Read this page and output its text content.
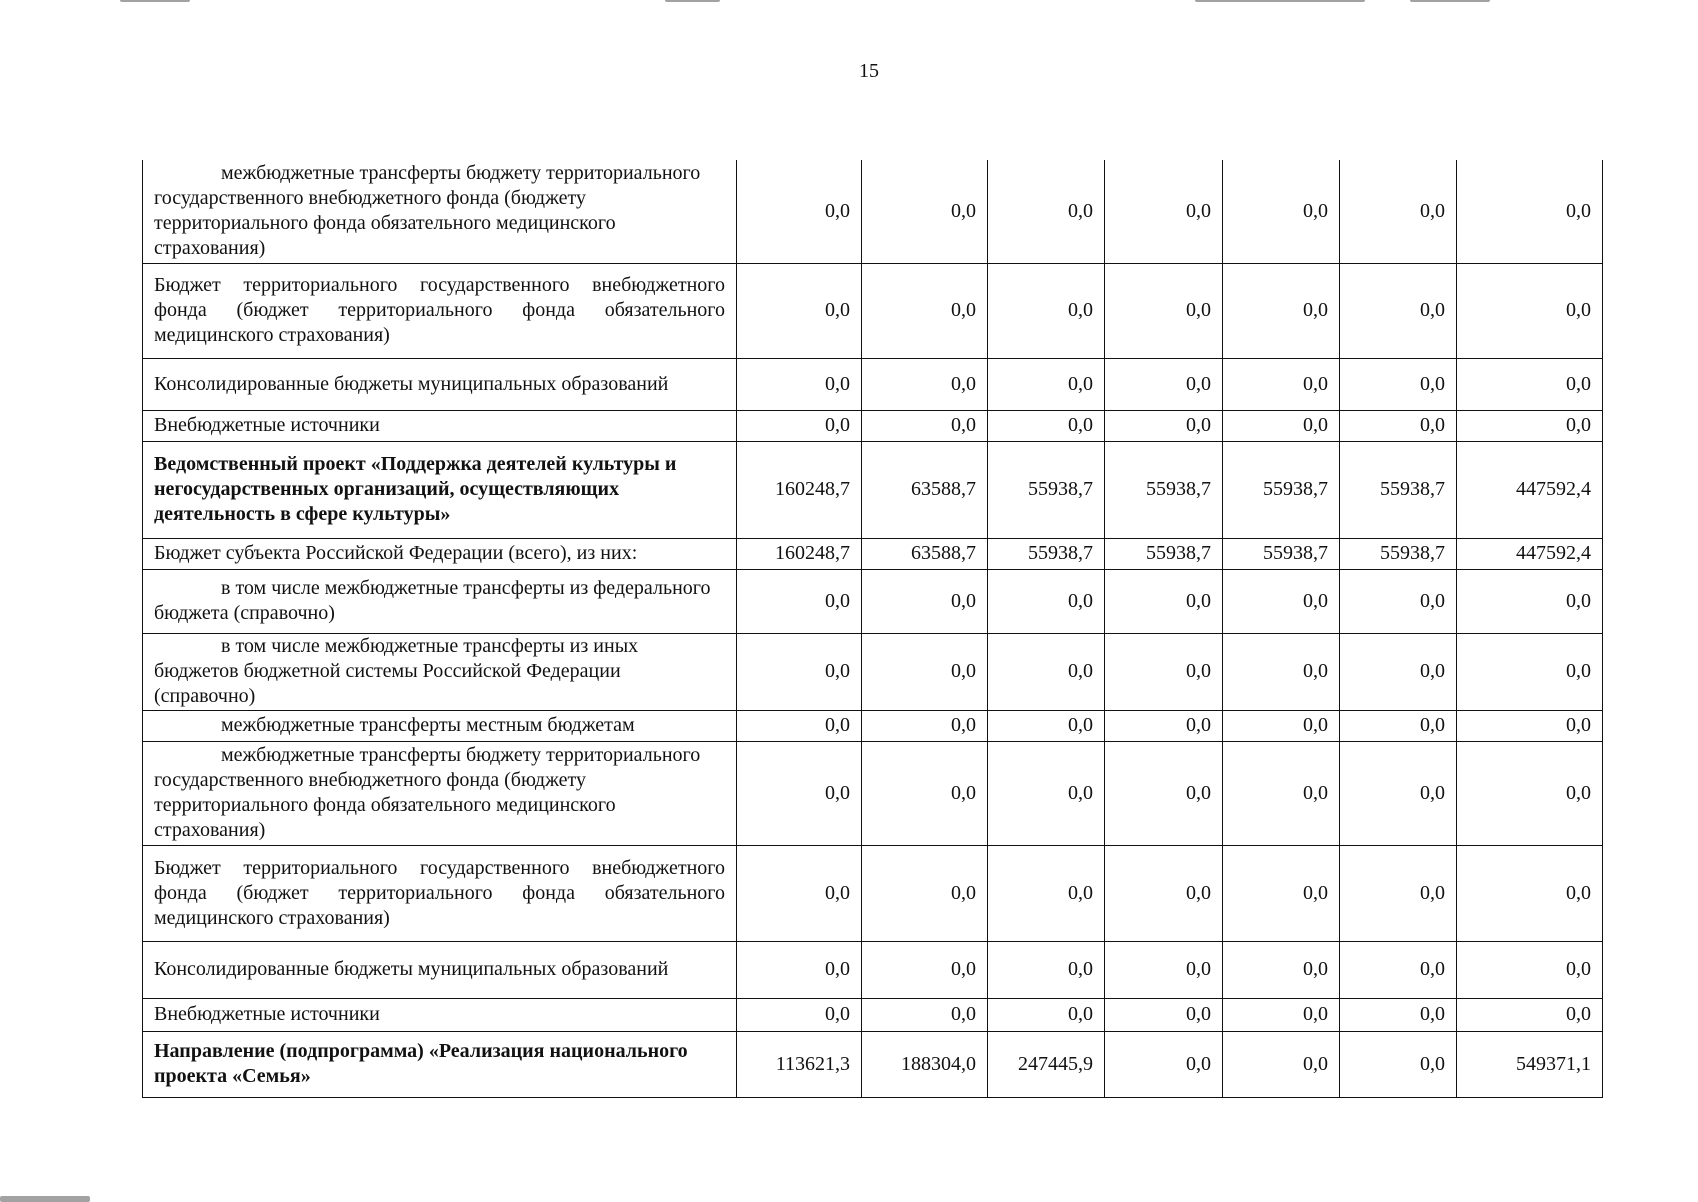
15
межбюджетные трансферты бюджету территориального государственного внебюджетного фонда (бюджету территориального фонда обязательного медицинского страхования)	0,0	0,0	0,0	0,0	0,0	0,0	0,0
Бюджет территориального государственного внебюджетного фонда (бюджет территориального фонда обязательного медицинского страхования)	0,0	0,0	0,0	0,0	0,0	0,0	0,0
Консолидированные бюджеты муниципальных образований	0,0	0,0	0,0	0,0	0,0	0,0	0,0
Внебюджетные источники	0,0	0,0	0,0	0,0	0,0	0,0	0,0
Ведомственный проект «Поддержка деятелей культуры и негосударственных организаций, осуществляющих деятельность в сфере культуры»	160248,7	63588,7	55938,7	55938,7	55938,7	55938,7	447592,4
Бюджет субъекта Российской Федерации (всего), из них:	160248,7	63588,7	55938,7	55938,7	55938,7	55938,7	447592,4
в том числе межбюджетные трансферты из федерального бюджета (справочно)	0,0	0,0	0,0	0,0	0,0	0,0	0,0
в том числе межбюджетные трансферты из иных бюджетов бюджетной системы Российской Федерации (справочно)	0,0	0,0	0,0	0,0	0,0	0,0	0,0
межбюджетные трансферты местным бюджетам	0,0	0,0	0,0	0,0	0,0	0,0	0,0
межбюджетные трансферты бюджету территориального государственного внебюджетного фонда (бюджету территориального фонда обязательного медицинского страхования)	0,0	0,0	0,0	0,0	0,0	0,0	0,0
Бюджет территориального государственного внебюджетного фонда (бюджет территориального фонда обязательного медицинского страхования)	0,0	0,0	0,0	0,0	0,0	0,0	0,0
Консолидированные бюджеты муниципальных образований	0,0	0,0	0,0	0,0	0,0	0,0	0,0
Внебюджетные источники	0,0	0,0	0,0	0,0	0,0	0,0	0,0
Направление (подпрограмма) «Реализация национального проекта «Семья»	113621,3	188304,0	247445,9	0,0	0,0	0,0	549371,1
